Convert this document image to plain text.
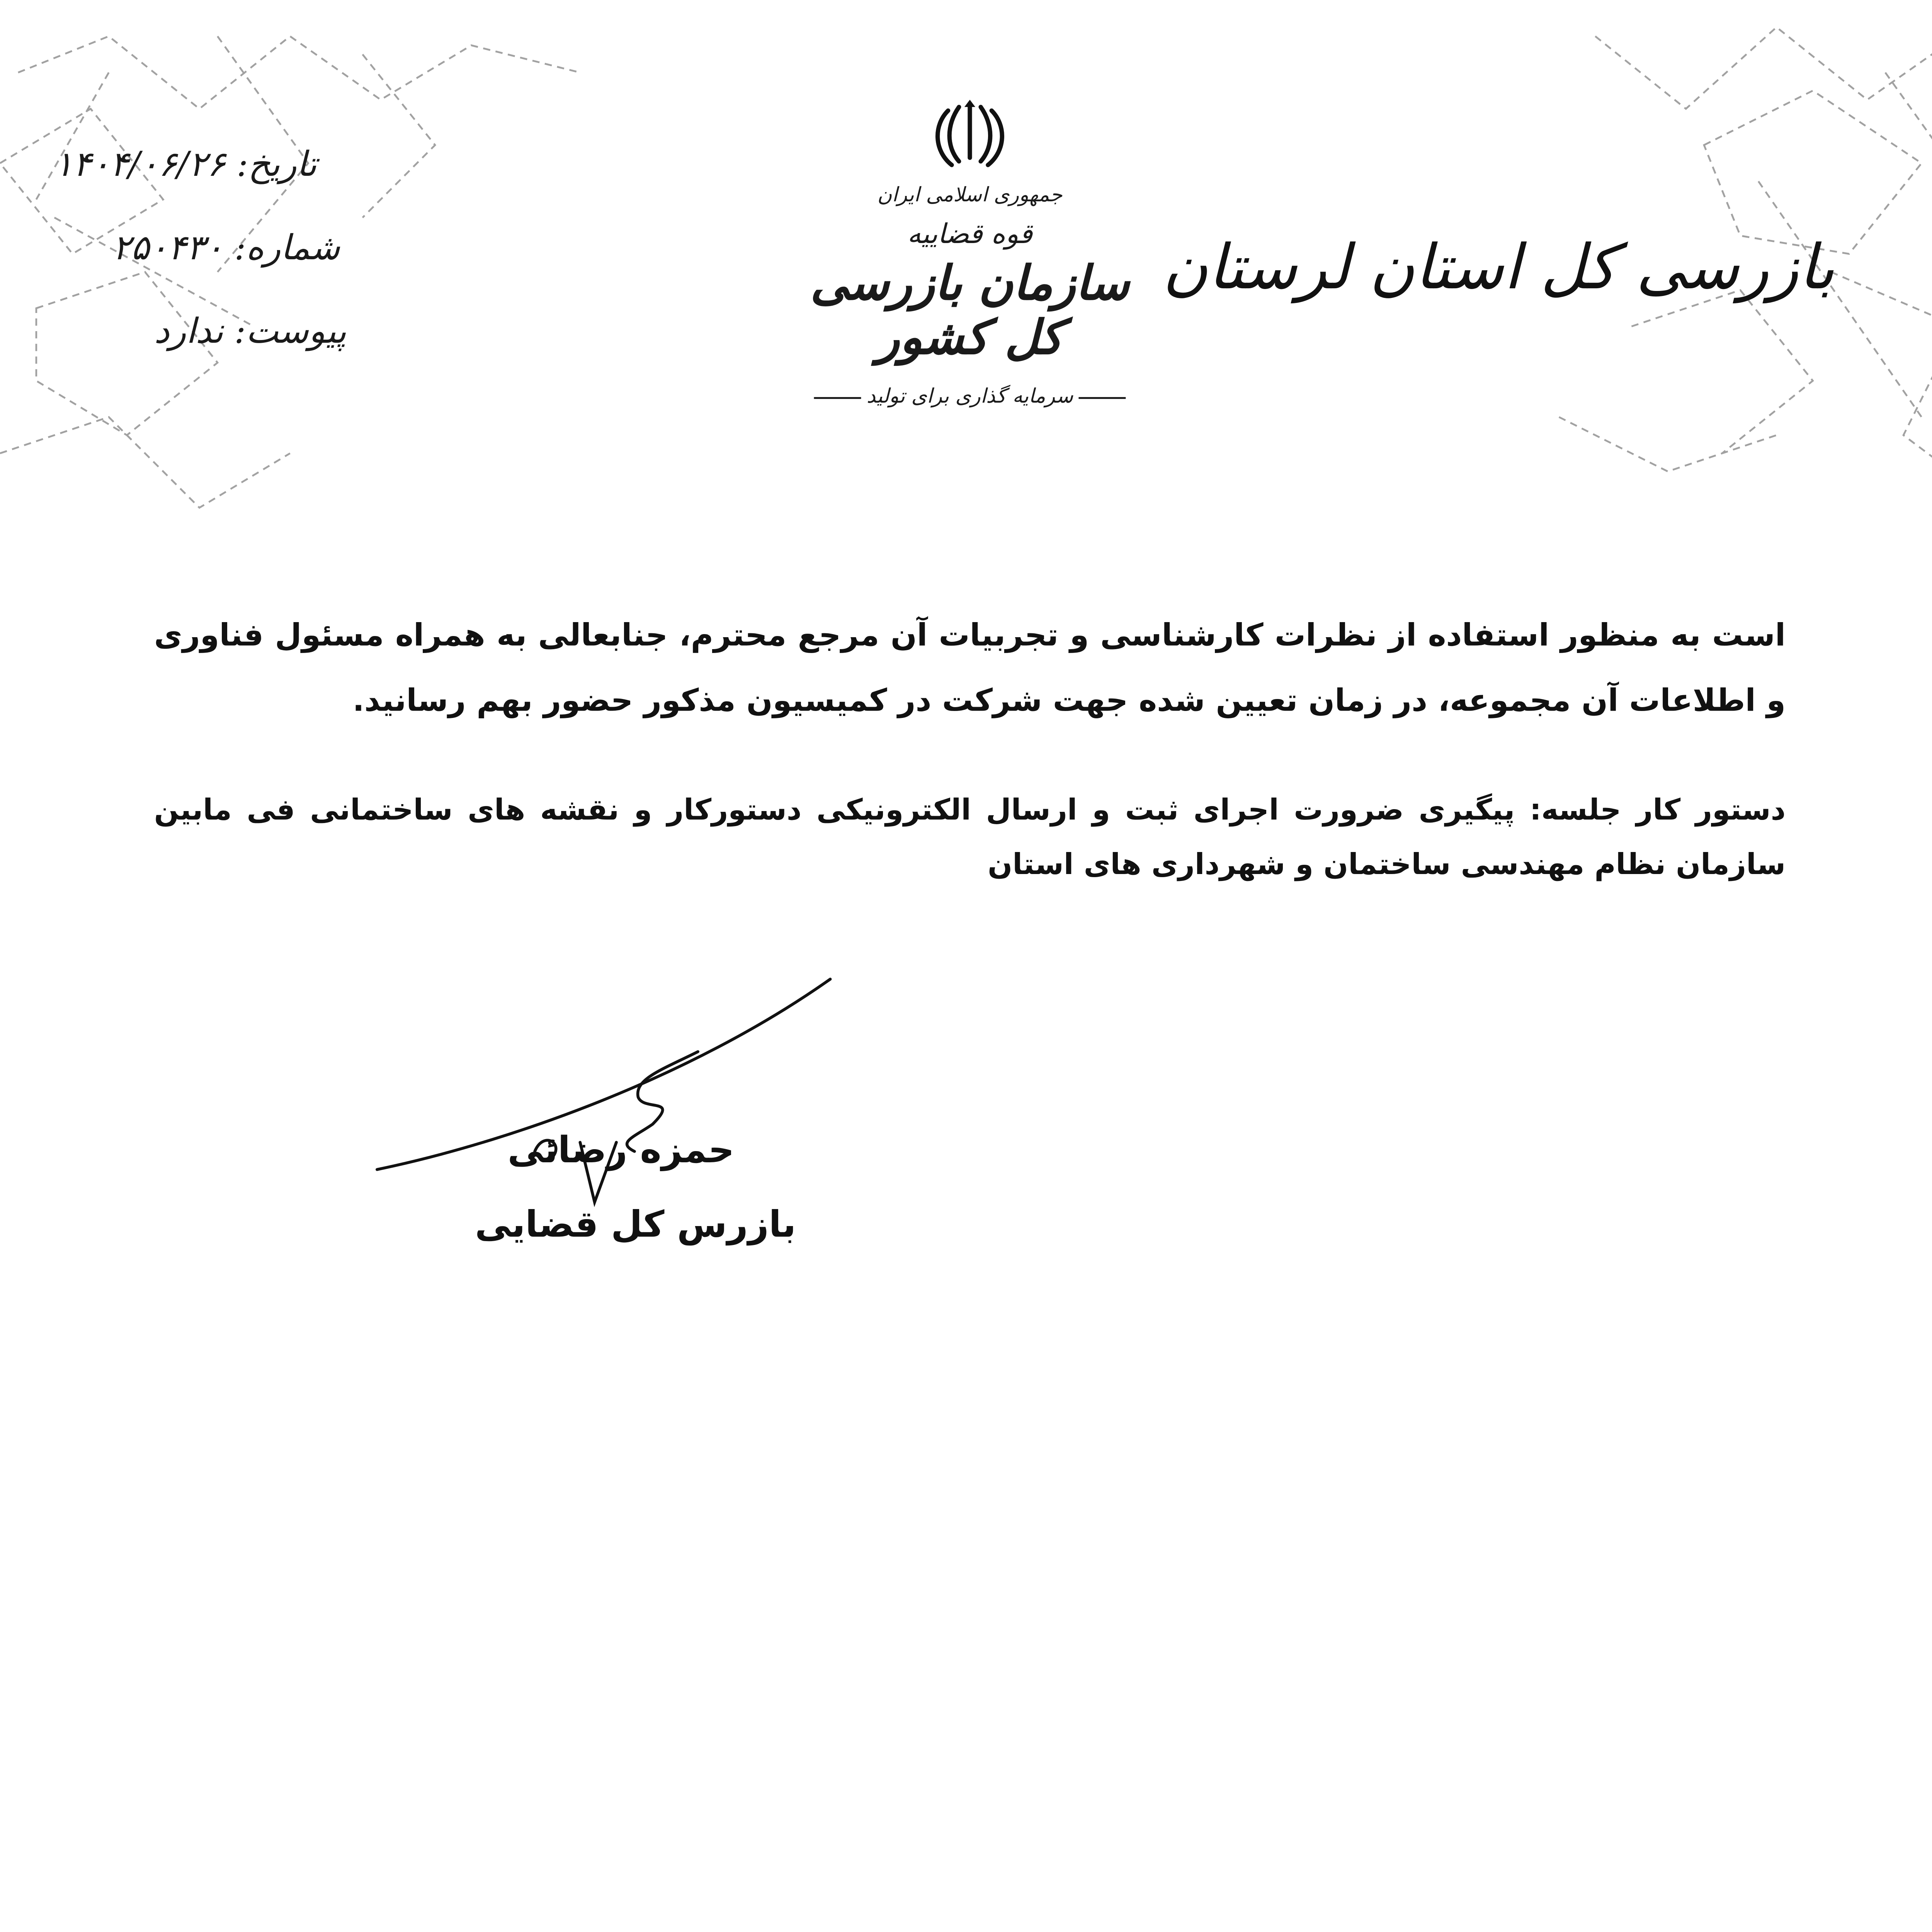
تاریخ: ۱۴۰۴/۰۶/۲۶
شماره: ۲۵۰۴۳۰
پیوست: ندارد
جمهوری اسلامی ایران
قوه قضاییه
سازمان بازرسی کل کشور
سرمایه گذاری برای تولید
بازرسی کل استان لرستان
است به منظور استفاده از نظرات کارشناسی و تجربیات آن مرجع محترم، جنابعالی به همراه مسئول فناوری و اطلاعات آن مجموعه، در زمان تعیین شده جهت شرکت در کمیسیون مذکور حضور بهم رسانید.
دستور کار جلسه: پیگیری ضرورت اجرای ثبت و ارسال الکترونیکی دستورکار و نقشه های ساختمانی فی مابین سازمان نظام مهندسی ساختمان و شهرداری های استان
حمزه رضائی
بازرس کل قضایی
